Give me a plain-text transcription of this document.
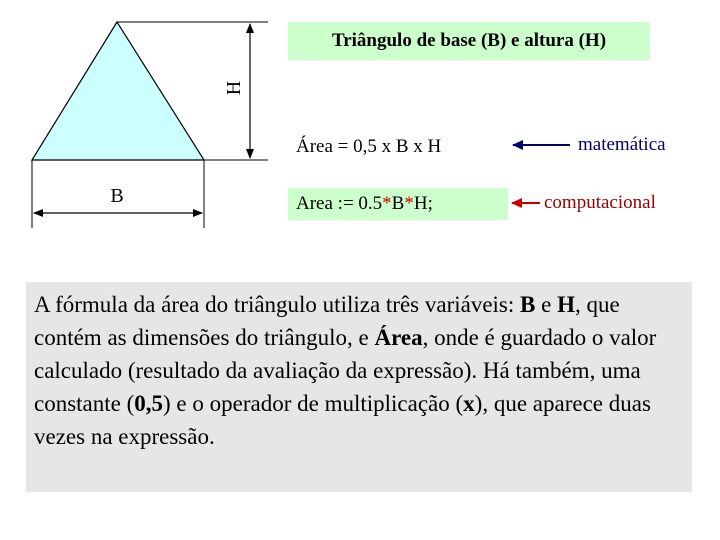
H
B
Triângulo de base (B) e altura (H)
Área = 0,5 x B x H	matemática
Area := 0.5 * B * H;	computacional
A fórmula da área do triângulo utiliza três variáveis: B e H, que contém as dimensões do triângulo, e Área, onde é guardado o valor calculado (resultado da avaliação da expressão). Há também, uma constante (0,5) e o operador de multiplicação (x), que aparece duas vezes na expressão.
